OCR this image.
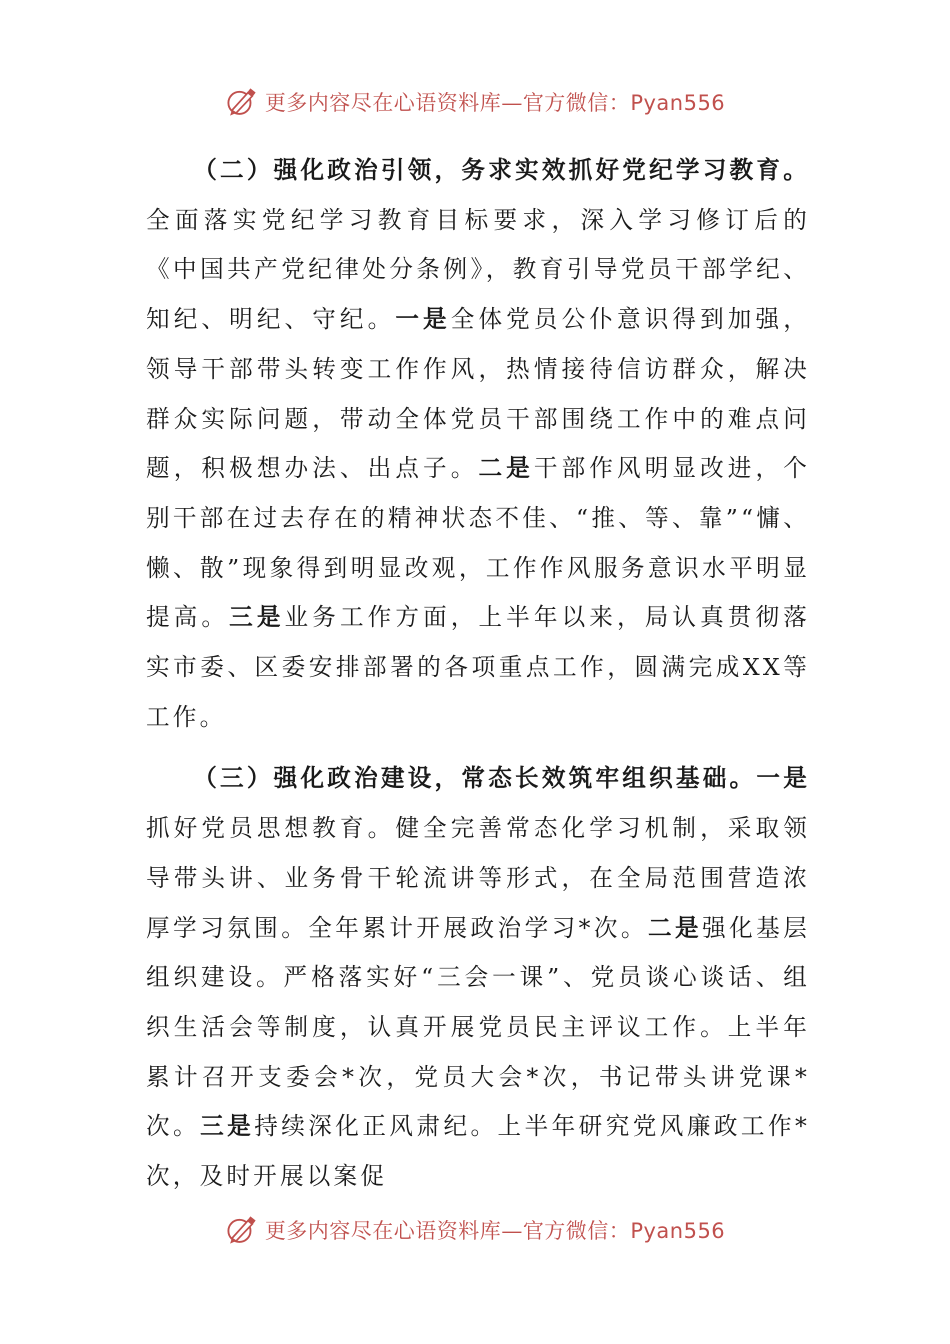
更多内容尽在心语资料库—官方微信：Pyan556

（二）强化政治引领，务求实效抓好党纪学习教育。全面落实党纪学习教育目标要求，深入学习修订后的《中国共产党纪律处分条例》，教育引导党员干部学纪、知纪、明纪、守纪。一是全体党员公仆意识得到加强，领导干部带头转变工作作风，热情接待信访群众，解决群众实际问题，带动全体党员干部围绕工作中的难点问题，积极想办法、出点子。二是干部作风明显改进，个别干部在过去存在的精神状态不佳、“推、等、靠”“慵、懒、散”现象得到明显改观，工作作风服务意识水平明显提高。三是业务工作方面，上半年以来，局认真贯彻落实市委、区委安排部署的各项重点工作，圆满完成XX等工作。

（三）强化政治建设，常态长效筑牢组织基础。一是抓好党员思想教育。健全完善常态化学习机制，采取领导带头讲、业务骨干轮流讲等形式，在全局范围营造浓厚学习氛围。全年累计开展政治学习*次。二是强化基层组织建设。严格落实好“三会一课”、党员谈心谈话、组织生活会等制度，认真开展党员民主评议工作。上半年累计召开支委会*次，党员大会*次，书记带头讲党课*次。三是持续深化正风肃纪。上半年研究党风廉政工作*次，及时开展以案促

更多内容尽在心语资料库—官方微信：Pyan556
